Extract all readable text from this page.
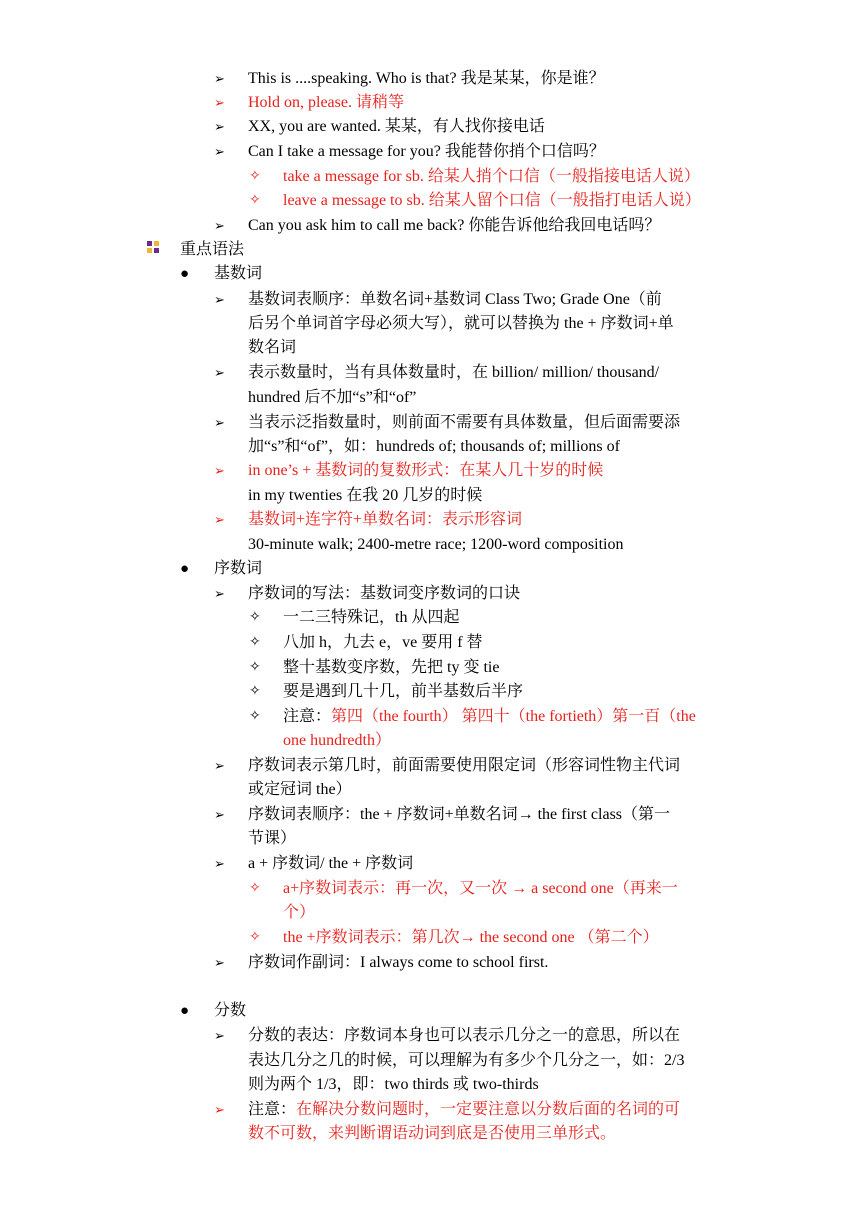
➢ This is ....speaking. Who is that? 我是某某，你是谁？
➢ Hold on, please. 请稍等
➢ XX, you are wanted. 某某，有人找你接电话
➢ Can I take a message for you? 我能替你捎个口信吗？
✧ take a message for sb. 给某人捎个口信（一般指接电话人说）
✧ leave a message to sb. 给某人留个口信（一般指打电话人说）
➢ Can you ask him to call me back? 你能告诉他给我回电话吗？
重点语法
● 基数词
➢ 基数词表顺序：单数名词+基数词 Class Two; Grade One（前
后另个单词首字母必须大写），就可以替换为 the + 序数词+单
数名词
➢ 表示数量时，当有具体数量时，在 billion/ million/ thousand/
hundred 后不加“s”和“of”
➢ 当表示泛指数量时，则前面不需要有具体数量，但后面需要添
加“s”和“of”，如：hundreds of; thousands of; millions of
➢ in one’s + 基数词的复数形式：在某人几十岁的时候
in my twenties 在我 20 几岁的时候
➢ 基数词+连字符+单数名词：表示形容词
30-minute walk; 2400-metre race; 1200-word composition
● 序数词
➢ 序数词的写法：基数词变序数词的口诀
✧ 一二三特殊记，th 从四起
✧ 八加 h，九去 e，ve 要用 f 替
✧ 整十基数变序数，先把 ty 变 tie
✧ 要是遇到几十几，前半基数后半序
✧ 注意：第四（the fourth） 第四十（the fortieth）第一百（the
one hundredth）
➢ 序数词表示第几时，前面需要使用限定词（形容词性物主代词
或定冠词 the）
➢ 序数词表顺序：the + 序数词+单数名词→ the first class（第一
节课）
➢ a + 序数词/ the + 序数词
✧ a+序数词表示：再一次，又一次 → a second one（再来一
个）
✧ the +序数词表示：第几次→ the second one （第二个）
➢ 序数词作副词：I always come to school first.
● 分数
➢ 分数的表达：序数词本身也可以表示几分之一的意思，所以在
表达几分之几的时候，可以理解为有多少个几分之一，如：2/3
则为两个 1/3，即：two thirds 或 two-thirds
➢ 注意：在解决分数问题时，一定要注意以分数后面的名词的可
数不可数，来判断谓语动词到底是否使用三单形式。
